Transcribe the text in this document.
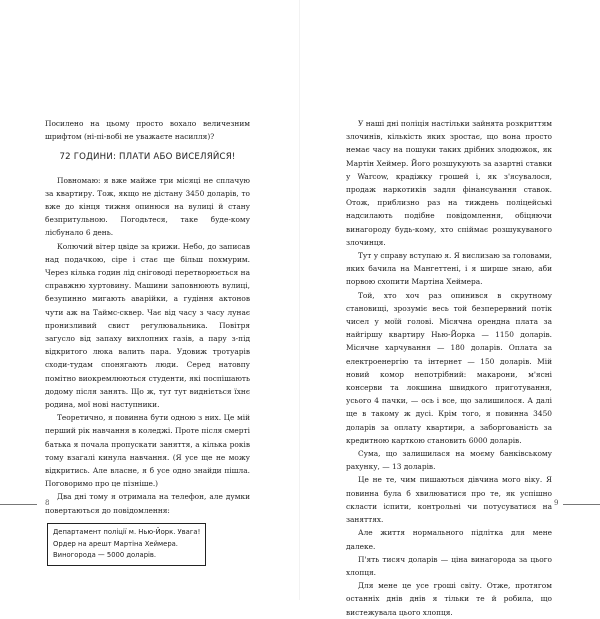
Посилено на цьому просто вохало величезним шрифтом (ні-пі-вобі не уважаєте насилля)?

72 ГОДИНИ: ПЛАТИ АБО ВИСЕЛЯЙСЯ!

Повномаю: я вже майже три місяці не сплачую за квартиру. Тож, якщо не дістану 3450 доларів, то вже до кінця тижня опинюся на вулиці й стану безпритульною. Погодьтеся, таке буде-кому лісбунало 6 день.

Колючий вітер цвіде за крижи. Небо, до записав над подачкою, сіре і стає ще більш похмурим. Через кілька годин лід сніговоді перетворюється на справжню хуртовину. Машини заповнюють вулиці, безупинно мигають аварійки, а гудіння актонов чути аж на Таймс-сквер. Чає від часу з часу лунає пронизливий свист регулювальника. Повітря загусло від запаху вихлопних газів, а пару з-під відкритого люка валить пара. Удовиж тротуарів сходи-тудам спонягають люди. Серед натовпу помітно виокремлюються студенти, які поспішають додому після занять. Що ж, тут тут видніється їхнє родина, мої нові наступники.

Теоретично, я повинна бути одною з них. Це мій перший рік навчання в коледжі. Проте після смерті батька я почала пропускати заняття, а кілька років тому взагалі кинула навчання. (Я усе ще не можу відкритись. Але власне, я б усе одно знайди пішла. Поговоримо про це пізніше.)

Два дні тому я отримала на телефон, але думки повертаються до повідомлення:

Департамент поліції м. Нью-Йорк. Увага!
Ордер на арешт Мартіна Хеймера.
Виногорода — 5000 доларів.
8

У наші дні поліція настільки зайнята розкриттям злочинів, кількість яких зростає, що вона просто немає часу на пошуки таких дрібних злодюжок, як Мартін Хеймер. Його розшукують за азартні ставки у Warcow, крадіжку грошей і, як з'ясувалося, продаж наркотиків задля фінансування ставок. Отож, приблизно раз на тиждень поліцейські надсилають подібне повідомлення, обіцяючи винагороду будь-кому, хто спіймає розшукуваного злочинця.

Тут у справу вступаю я. Я вислизаю за головами, яких бачила на Мангеттені, і я ширше знаю, аби порвою схопити Мартіна Хеймера.

Той, хто хоч раз опинився в скрутному становищі, зрозуміє весь той безперервний потік чисел у моїй голові. Місячна орендна плата за найгіршу квартиру Нью-Йорка — 1150 доларів. Місячне харчування — 180 доларів. Оплата за електроенергію та інтернет — 150 доларів. Мій новий комор непотрібний: макарони, м'ясні консерви та локшина швидкого приготування, усього 4 пачки, — ось і все, що залишилося. А далі ще в такому ж дусі. Крім того, я повинна 3450 доларів за оплату квартири, а заборгованість за кредитною карткою становить 6000 доларів.

Сума, що залишилася на моєму банківському рахунку, — 13 доларів.

Це не те, чим пишаються дівчина мого віку. Я повинна була б хвилюватися про те, як успішно скласти іспити, контрольні чи потусуватися на заняттях.

Але життя нормального підлітка для мене далеке.

П'ять тисяч доларів — ціна винагорода за цього хлопця.

Для мене це усе гроші світу. Отже, протягом останніх днів днів я тільки те й робила, що вистежувала цього хлопця.

9
